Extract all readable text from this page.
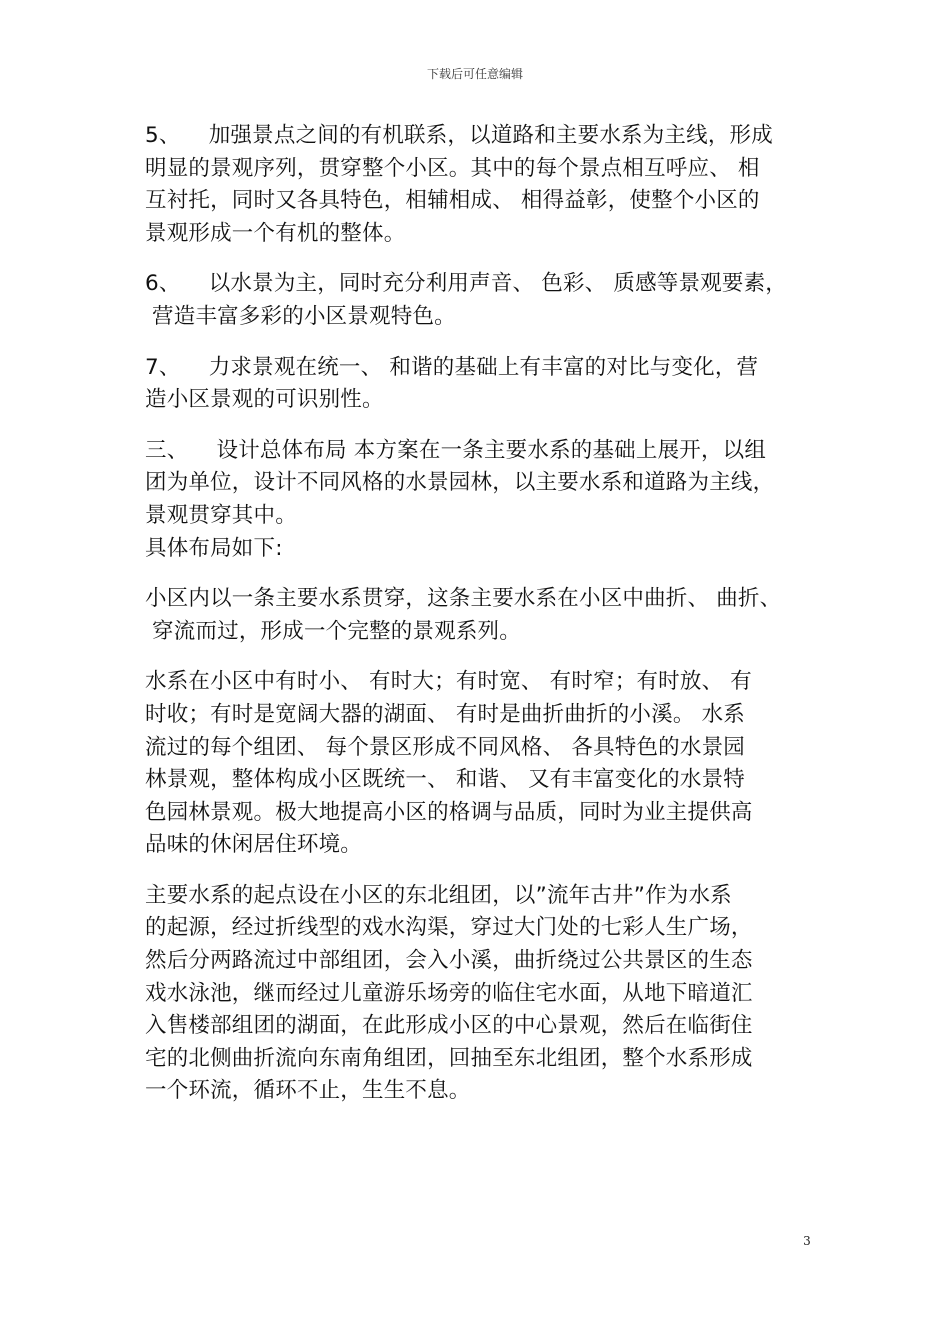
下载后可任意编辑

5、    加强景点之间的有机联系，以道路和主要水系为主线，形成
明显的景观序列，贯穿整个小区。其中的每个景点相互呼应、 相
互衬托，同时又各具特色，相辅相成、 相得益彰，使整个小区的
景观形成一个有机的整体。

6、    以水景为主，同时充分利用声音、 色彩、 质感等景观要素，
营造丰富多彩的小区景观特色。

7、    力求景观在统一、 和谐的基础上有丰富的对比与变化，营
造小区景观的可识别性。

三、    设计总体布局 本方案在一条主要水系的基础上展开，以组
团为单位，设计不同风格的水景园林，以主要水系和道路为主线，
景观贯穿其中。

具体布局如下:

小区内以一条主要水系贯穿，这条主要水系在小区中曲折、 曲折、
穿流而过，形成一个完整的景观系列。

水系在小区中有时小、 有时大；有时宽、 有时窄；有时放、 有
时收；有时是宽阔大器的湖面、 有时是曲折曲折的小溪。 水系
流过的每个组团、 每个景区形成不同风格、 各具特色的水景园
林景观，整体构成小区既统一、 和谐、 又有丰富变化的水景特
色园林景观。极大地提高小区的格调与品质，同时为业主提供高
品味的休闲居住环境。

主要水系的起点设在小区的东北组团，以”流年古井”作为水系
的起源，经过折线型的戏水沟渠，穿过大门处的七彩人生广场，
然后分两路流过中部组团，会入小溪，曲折绕过公共景区的生态
戏水泳池，继而经过儿童游乐场旁的临住宅水面，从地下暗道汇
入售楼部组团的湖面，在此形成小区的中心景观，然后在临街住
宅的北侧曲折流向东南角组团，回抽至东北组团，整个水系形成
一个环流，循环不止，生生不息。

3
